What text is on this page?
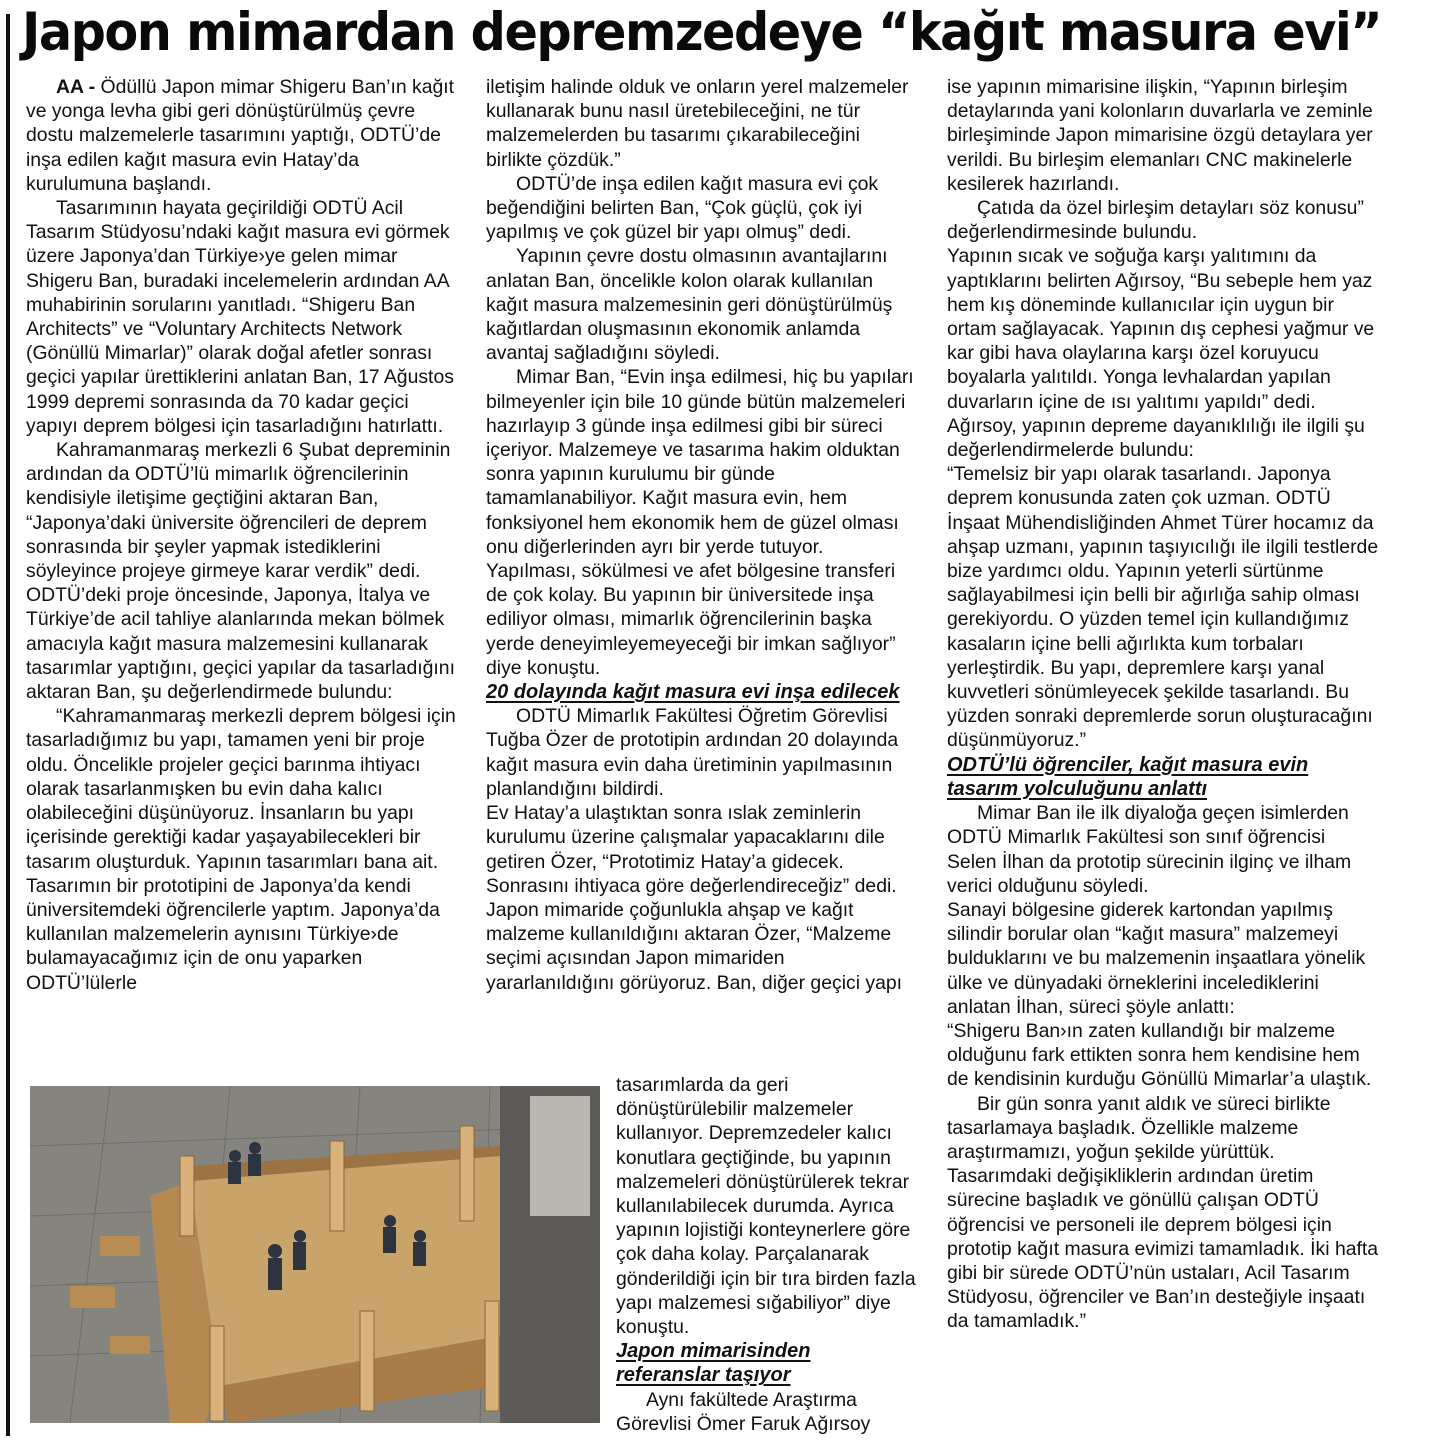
Japon mimardan depremzedeye “kağıt masura evi”

AA - Ödüllü Japon mimar Shigeru Ban’ın kağıt ve yonga levha gibi geri dönüştürülmüş çevre dostu malzemelerle tasarımını yaptığı, ODTÜ’de inşa edilen kağıt masura evin Hatay’da kurulumuna başlandı.

Tasarımının hayata geçirildiği ODTÜ Acil Tasarım Stüdyosu’ndaki kağıt masura evi görmek üzere Japonya’dan Türkiye›ye gelen mimar Shigeru Ban, buradaki incelemelerin ardından AA muhabirinin sorularını yanıtladı. “Shigeru Ban Architects” ve “Voluntary Architects Network (Gönüllü Mimarlar)” olarak doğal afetler sonrası geçici yapılar ürettiklerini anlatan Ban, 17 Ağustos 1999 depremi sonrasında da 70 kadar geçici yapıyı deprem bölgesi için tasarladığını hatırlattı.

Kahramanmaraş merkezli 6 Şubat depreminin ardından da ODTÜ’lü mimarlık öğrencilerinin kendisiyle iletişime geçtiğini aktaran Ban, “Japonya’daki üniversite öğrencileri de deprem sonrasında bir şeyler yapmak istediklerini söyleyince projeye girmeye karar verdik” dedi.

ODTÜ’deki proje öncesinde, Japonya, İtalya ve Türkiye’de acil tahliye alanlarında mekan bölmek amacıyla kağıt masura malzemesini kullanarak tasarımlar yaptığını, geçici yapılar da tasarladığını aktaran Ban, şu değerlendirmede bulundu:

“Kahramanmaraş merkezli deprem bölgesi için tasarladığımız bu yapı, tamamen yeni bir proje oldu. Öncelikle projeler geçici barınma ihtiyacı olarak tasarlanmışken bu evin daha kalıcı olabileceğini düşünüyoruz. İnsanların bu yapı içerisinde gerektiği kadar yaşayabilecekleri bir tasarım oluşturduk. Yapının tasarımları bana ait. Tasarımın bir prototipini de Japonya’da kendi üniversitemdeki öğrencilerle yaptım. Japonya’da kullanılan malzemelerin aynısını Türkiye›de bulamayacağımız için de onu yaparken ODTÜ’lülerle

iletişim halinde olduk ve onların yerel malzemeler kullanarak bunu nasıl üretebileceğini, ne tür malzemelerden bu tasarımı çıkarabileceğini birlikte çözdük.”

ODTÜ’de inşa edilen kağıt masura evi çok beğendiğini belirten Ban, “Çok güçlü, çok iyi yapılmış ve çok güzel bir yapı olmuş” dedi.

Yapının çevre dostu olmasının avantajlarını anlatan Ban, öncelikle kolon olarak kullanılan kağıt masura malzemesinin geri dönüştürülmüş kağıtlardan oluşmasının ekonomik anlamda avantaj sağladığını söyledi.

Mimar Ban, “Evin inşa edilmesi, hiç bu yapıları bilmeyenler için bile 10 günde bütün malzemeleri hazırlayıp 3 günde inşa edilmesi gibi bir süreci içeriyor. Malzemeye ve tasarıma hakim olduktan sonra yapının kurulumu bir günde tamamlanabiliyor. Kağıt masura evin, hem fonksiyonel hem ekonomik hem de güzel olması onu diğerlerinden ayrı bir yerde tutuyor. Yapılması, sökülmesi ve afet bölgesine transferi de çok kolay. Bu yapının bir üniversitede inşa ediliyor olması, mimarlık öğrencilerinin başka yerde deneyimleyemeyeceği bir imkan sağlıyor” diye konuştu.

20 dolayında kağıt masura evi inşa edilecek

ODTÜ Mimarlık Fakültesi Öğretim Görevlisi Tuğba Özer de prototipin ardından 20 dolayında kağıt masura evin daha üretiminin yapılmasının planlandığını bildirdi.

Ev Hatay’a ulaştıktan sonra ıslak zeminlerin kurulumu üzerine çalışmalar yapacaklarını dile getiren Özer, “Prototimiz Hatay’a gidecek. Sonrasını ihtiyaca göre değerlendireceğiz” dedi.

Japon mimaride çoğunlukla ahşap ve kağıt malzeme kullanıldığını aktaran Özer, “Malzeme seçimi açısından Japon mimariden yararlanıldığını görüyoruz. Ban, diğer geçici yapı

tasarımlarda da geri dönüştürülebilir malzemeler kullanıyor. Depremzedeler kalıcı konutlara geçtiğinde, bu yapının malzemeleri dönüştürülerek tekrar kullanılabilecek durumda. Ayrıca yapının lojistiği konteynerlere göre çok daha kolay. Parçalanarak gönderildiği için bir tıra birden fazla yapı malzemesi sığabiliyor” diye konuştu.

Japon mimarisinden referanslar taşıyor

Aynı fakültede Araştırma Görevlisi Ömer Faruk Ağırsoy

ise yapının mimarisine ilişkin, “Yapının birleşim detaylarında yani kolonların duvarlarla ve zeminle birleşiminde Japon mimarisine özgü detaylara yer verildi. Bu birleşim elemanları CNC makinelerle kesilerek hazırlandı.

Çatıda da özel birleşim detayları söz konusu” değerlendirmesinde bulundu.

Yapının sıcak ve soğuğa karşı yalıtımını da yaptıklarını belirten Ağırsoy, “Bu sebeple hem yaz hem kış döneminde kullanıcılar için uygun bir ortam sağlayacak. Yapının dış cephesi yağmur ve kar gibi hava olaylarına karşı özel koruyucu boyalarla yalıtıldı. Yonga levhalardan yapılan duvarların içine de ısı yalıtımı yapıldı” dedi.

Ağırsoy, yapının depreme dayanıklılığı ile ilgili şu değerlendirmelerde bulundu:

“Temelsiz bir yapı olarak tasarlandı. Japonya deprem konusunda zaten çok uzman. ODTÜ İnşaat Mühendisliğinden Ahmet Türer hocamız da ahşap uzmanı, yapının taşıyıcılığı ile ilgili testlerde bize yardımcı oldu. Yapının yeterli sürtünme sağlayabilmesi için belli bir ağırlığa sahip olması gerekiyordu. O yüzden temel için kullandığımız kasaların içine belli ağırlıkta kum torbaları yerleştirdik. Bu yapı, depremlere karşı yanal kuvvetleri sönümleyecek şekilde tasarlandı. Bu yüzden sonraki depremlerde sorun oluşturacağını düşünmüyoruz.”

ODTÜ’lü öğrenciler, kağıt masura evin tasarım yolculuğunu anlattı

Mimar Ban ile ilk diyaloğa geçen isimlerden ODTÜ Mimarlık Fakültesi son sınıf öğrencisi Selen İlhan da prototip sürecinin ilginç ve ilham verici olduğunu söyledi.

Sanayi bölgesine giderek kartondan yapılmış silindir borular olan “kağıt masura” malzemeyi bulduklarını ve bu malzemenin inşaatlara yönelik ülke ve dünyadaki örneklerini incelediklerini anlatan İlhan, süreci şöyle anlattı:

“Shigeru Ban›ın zaten kullandığı bir malzeme olduğunu fark ettikten sonra hem kendisine hem de kendisinin kurduğu Gönüllü Mimarlar’a ulaştık.

Bir gün sonra yanıt aldık ve süreci birlikte tasarlamaya başladık. Özellikle malzeme araştırmamızı, yoğun şekilde yürüttük. Tasarımdaki değişikliklerin ardından üretim sürecine başladık ve gönüllü çalışan ODTÜ öğrencisi ve personeli ile deprem bölgesi için prototip kağıt masura evimizi tamamladık. İki hafta gibi bir sürede ODTÜ’nün ustaları, Acil Tasarım Stüdyosu, öğrenciler ve Ban’ın desteğiyle inşaatı da tamamladık.”
